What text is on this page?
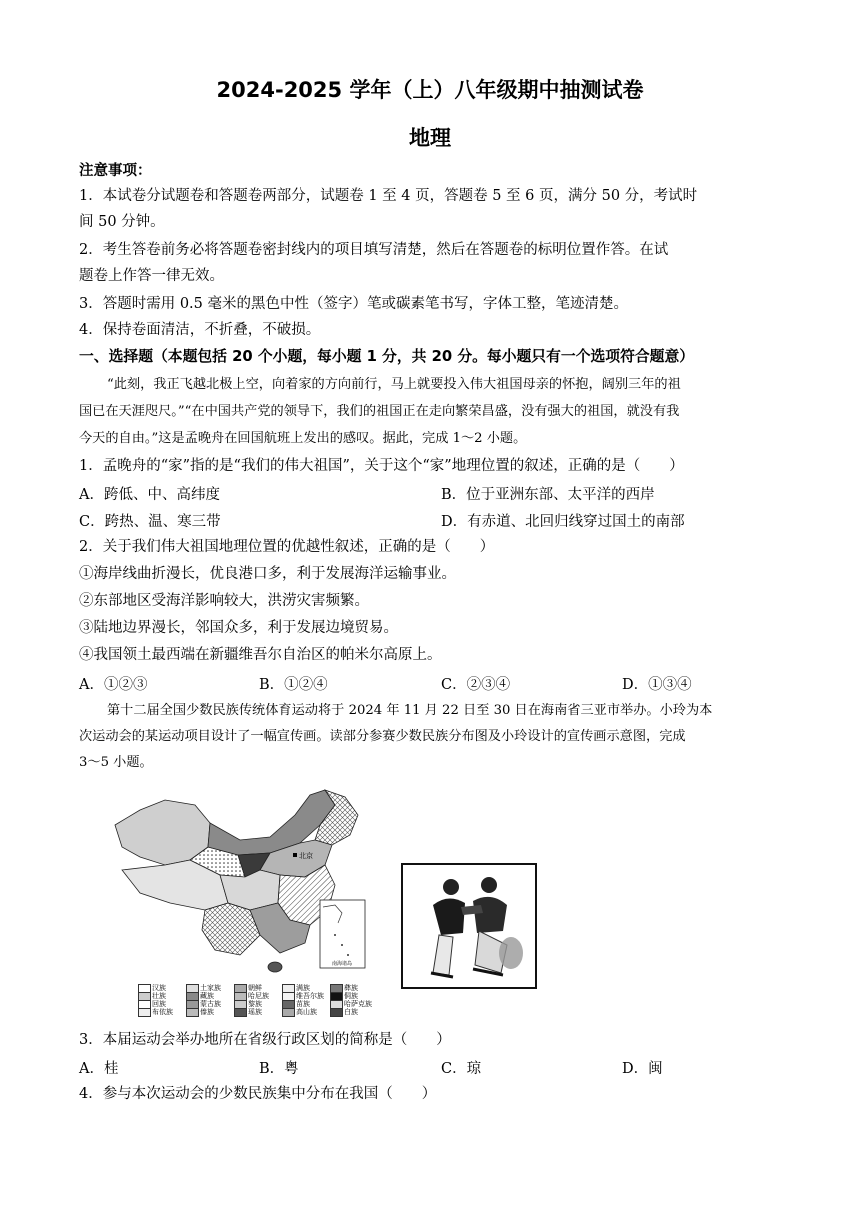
2024-2025 学年（上）八年级期中抽测试卷
地理
注意事项：
1．本试卷分试题卷和答题卷两部分，试题卷 1 至 4 页，答题卷 5 至 6 页，满分 50 分，考试时
间 50 分钟。
2．考生答卷前务必将答题卷密封线内的项目填写清楚，然后在答题卷的标明位置作答。在试
题卷上作答一律无效。
3．答题时需用 0.5 毫米的黑色中性（签字）笔或碳素笔书写，字体工整，笔迹清楚。
4．保持卷面清洁，不折叠，不破损。
一、选择题（本题包括 20 个小题，每小题 1 分，共 20 分。每小题只有一个选项符合题意）
“此刻，我正飞越北极上空，向着家的方向前行，马上就要投入伟大祖国母亲的怀抱，阔别三年的祖
国已在天涯咫尺。”“在中国共产党的领导下，我们的祖国正在走向繁荣昌盛，没有强大的祖国，就没有我
今天的自由。”这是孟晚舟在回国航班上发出的感叹。据此，完成 1～2 小题。
1．孟晚舟的“家”指的是“我们的伟大祖国”，关于这个“家”地理位置的叙述，正确的是（　　）
A．跨低、中、高纬度	B．位于亚洲东部、太平洋的西岸
C．跨热、温、寒三带	D．有赤道、北回归线穿过国土的南部
2．关于我们伟大祖国地理位置的优越性叙述，正确的是（　　）
①海岸线曲折漫长，优良港口多，利于发展海洋运输事业。
②东部地区受海洋影响较大，洪涝灾害频繁。
③陆地边界漫长，邻国众多，利于发展边境贸易。
④我国领土最西端在新疆维吾尔自治区的帕米尔高原上。
A．①②③	B．①②④	C．②③④	D．①③④
第十二届全国少数民族传统体育运动将于 2024 年 11 月 22 日至 30 日在海南省三亚市举办。小玲为本
次运动会的某运动项目设计了一幅宣传画。读部分参赛少数民族分布图及小玲设计的宣传画示意图，完成
3～5 小题。
北京
南海诸岛
汉族	土家族	朝鲜	满族	彝族
壮族	藏族	哈尼族	维吾尔族	侗族
回族	蒙古族	黎族	苗族	哈萨克族
布依族	傣族	瑶族	高山族	白族
3．本届运动会举办地所在省级行政区划的简称是（　　）
A．桂	B．粤	C．琼	D．闽
4．参与本次运动会的少数民族集中分布在我国（　　）
